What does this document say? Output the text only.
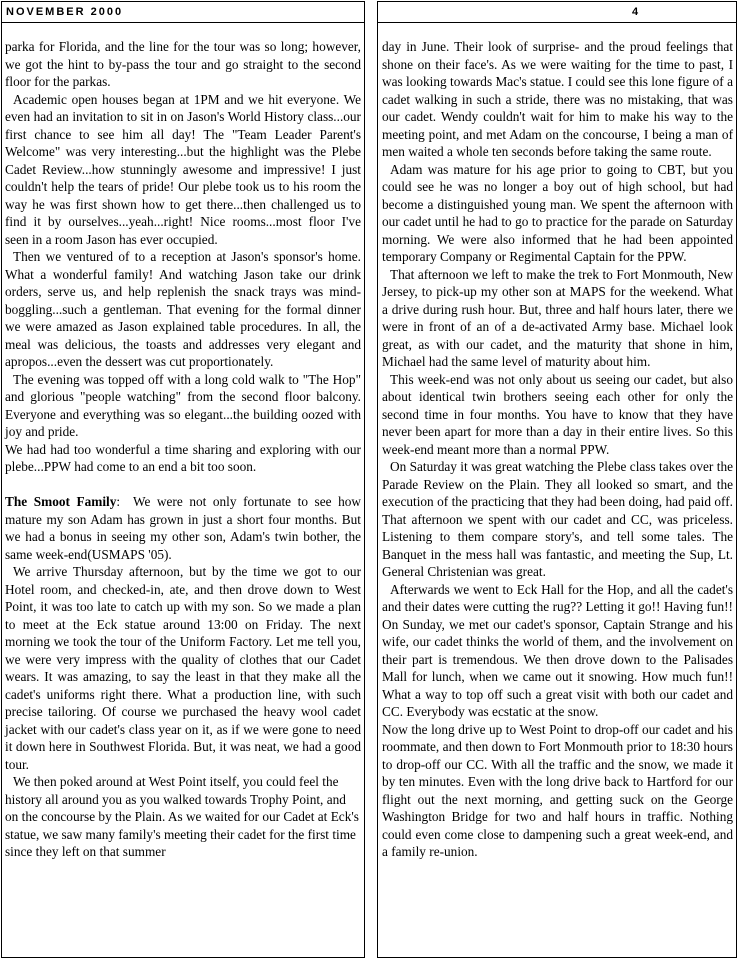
NOVEMBER 2000

parka for Florida, and the line for the tour was so long; however, we got the hint to by-pass the tour and go straight to the second floor for the parkas.

Academic open houses began at 1PM and we hit everyone. We even had an invitation to sit in on Jason's World History class...our first chance to see him all day! The "Team Leader Parent's Welcome" was very interesting...but the highlight was the Plebe Cadet Review...how stunningly awesome and impressive! I just couldn't help the tears of pride! Our plebe took us to his room the way he was first shown how to get there...then challenged us to find it by ourselves...yeah...right! Nice rooms...most floor I've seen in a room Jason has ever occupied.

Then we ventured of to a reception at Jason's sponsor's home. What a wonderful family! And watching Jason take our drink orders, serve us, and help replenish the snack trays was mind-boggling...such a gentleman. That evening for the formal dinner we were amazed as Jason explained table procedures. In all, the meal was delicious, the toasts and addresses very elegant and apropos...even the dessert was cut proportionately.

The evening was topped off with a long cold walk to "The Hop" and glorious "people watching" from the second floor balcony. Everyone and everything was so elegant...the building oozed with joy and pride.

We had had too wonderful a time sharing and exploring with our plebe...PPW had come to an end a bit too soon.

The Smoot Family: We were not only fortunate to see how mature my son Adam has grown in just a short four months. But we had a bonus in seeing my other son, Adam's twin bother, the same week-end(USMAPS '05).

We arrive Thursday afternoon, but by the time we got to our Hotel room, and checked-in, ate, and then drove down to West Point, it was too late to catch up with my son. So we made a plan to meet at the Eck statue around 13:00 on Friday. The next morning we took the tour of the Uniform Factory. Let me tell you, we were very impress with the quality of clothes that our Cadet wears. It was amazing, to say the least in that they make all the cadet's uniforms right there. What a production line, with such precise tailoring. Of course we purchased the heavy wool cadet jacket with our cadet's class year on it, as if we were gone to need it down here in Southwest Florida. But, it was neat, we had a good tour.

We then poked around at West Point itself, you could feel the history all around you as you walked towards Trophy Point, and on the concourse by the Plain. As we waited for our Cadet at Eck's statue, we saw many family's meeting their cadet for the first time since they left on that summer

4

day in June. Their look of surprise- and the proud feelings that shone on their face's. As we were waiting for the time to past, I was looking towards Mac's statue. I could see this lone figure of a cadet walking in such a stride, there was no mistaking, that was our cadet. Wendy couldn't wait for him to make his way to the meeting point, and met Adam on the concourse, I being a man of men waited a whole ten seconds before taking the same route.

Adam was mature for his age prior to going to CBT, but you could see he was no longer a boy out of high school, but had become a distinguished young man. We spent the afternoon with our cadet until he had to go to practice for the parade on Saturday morning. We were also informed that he had been appointed temporary Company or Regimental Captain for the PPW.

That afternoon we left to make the trek to Fort Monmouth, New Jersey, to pick-up my other son at MAPS for the weekend. What a drive during rush hour. But, three and half hours later, there we were in front of an of a de-activated Army base. Michael look great, as with our cadet, and the maturity that shone in him, Michael had the same level of maturity about him.

This week-end was not only about us seeing our cadet, but also about identical twin brothers seeing each other for only the second time in four months. You have to know that they have never been apart for more than a day in their entire lives. So this week-end meant more than a normal PPW.

On Saturday it was great watching the Plebe class takes over the Parade Review on the Plain. They all looked so smart, and the execution of the practicing that they had been doing, had paid off. That afternoon we spent with our cadet and CC, was priceless. Listening to them compare story's, and tell some tales. The Banquet in the mess hall was fantastic, and meeting the Sup, Lt. General Christenian was great.

Afterwards we went to Eck Hall for the Hop, and all the cadet's and their dates were cutting the rug?? Letting it go!! Having fun!! On Sunday, we met our cadet's sponsor, Captain Strange and his wife, our cadet thinks the world of them, and the involvement on their part is tremendous. We then drove down to the Palisades Mall for lunch, when we came out it snowing. How much fun!! What a way to top off such a great visit with both our cadet and CC. Everybody was ecstatic at the snow.

Now the long drive up to West Point to drop-off our cadet and his roommate, and then down to Fort Monmouth prior to 18:30 hours to drop-off our CC. With all the traffic and the snow, we made it by ten minutes. Even with the long drive back to Hartford for our flight out the next morning, and getting suck on the George Washington Bridge for two and half hours in traffic. Nothing could even come close to dampening such a great week-end, and a family re-union.
